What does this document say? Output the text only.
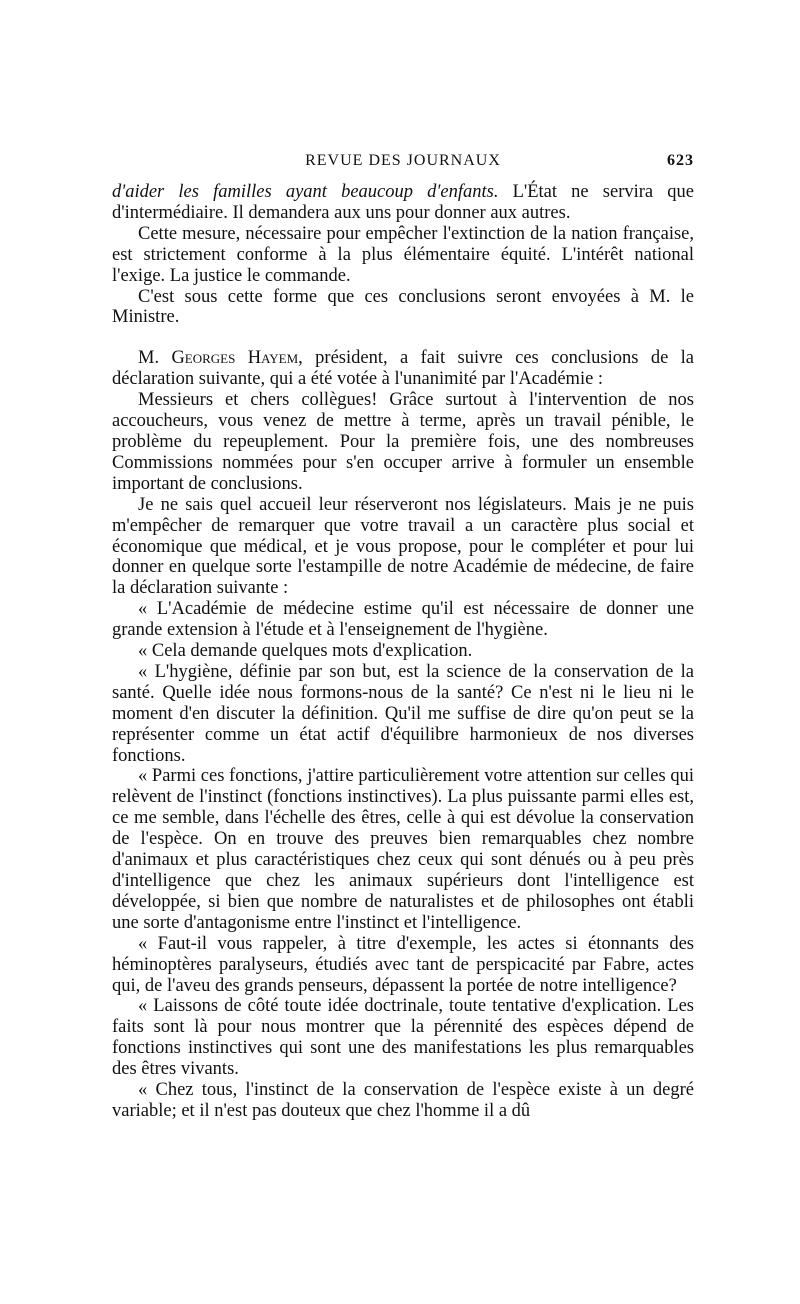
REVUE DES JOURNAUX	623

d'aider les familles ayant beaucoup d'enfants. L'État ne servira que d'intermédiaire. Il demandera aux uns pour donner aux autres.

Cette mesure, nécessaire pour empêcher l'extinction de la nation française, est strictement conforme à la plus élémentaire équité. L'intérêt national l'exige. La justice le commande.

C'est sous cette forme que ces conclusions seront envoyées à M. le Ministre.

M. Georges Hayem, président, a fait suivre ces conclusions de la déclaration suivante, qui a été votée à l'unanimité par l'Académie :

Messieurs et chers collègues! Grâce surtout à l'intervention de nos accoucheurs, vous venez de mettre à terme, après un travail pénible, le problème du repeuplement. Pour la première fois, une des nombreuses Commissions nommées pour s'en occuper arrive à formuler un ensemble important de conclusions.

Je ne sais quel accueil leur réserveront nos législateurs. Mais je ne puis m'empêcher de remarquer que votre travail a un caractère plus social et économique que médical, et je vous propose, pour le compléter et pour lui donner en quelque sorte l'estampille de notre Académie de médecine, de faire la déclaration suivante :

« L'Académie de médecine estime qu'il est nécessaire de donner une grande extension à l'étude et à l'enseignement de l'hygiène.

« Cela demande quelques mots d'explication.

« L'hygiène, définie par son but, est la science de la conservation de la santé. Quelle idée nous formons-nous de la santé? Ce n'est ni le lieu ni le moment d'en discuter la définition. Qu'il me suffise de dire qu'on peut se la représenter comme un état actif d'équilibre harmonieux de nos diverses fonctions.

« Parmi ces fonctions, j'attire particulièrement votre attention sur celles qui relèvent de l'instinct (fonctions instinctives). La plus puissante parmi elles est, ce me semble, dans l'échelle des êtres, celle à qui est dévolue la conservation de l'espèce. On en trouve des preuves bien remarquables chez nombre d'animaux et plus caractéristiques chez ceux qui sont dénués ou à peu près d'intelligence que chez les animaux supérieurs dont l'intelligence est développée, si bien que nombre de naturalistes et de philosophes ont établi une sorte d'antagonisme entre l'instinct et l'intelligence.

« Faut-il vous rappeler, à titre d'exemple, les actes si étonnants des héminoptères paralyseurs, étudiés avec tant de perspicacité par Fabre, actes qui, de l'aveu des grands penseurs, dépassent la portée de notre intelligence?

« Laissons de côté toute idée doctrinale, toute tentative d'explication. Les faits sont là pour nous montrer que la pérennité des espèces dépend de fonctions instinctives qui sont une des manifestations les plus remarquables des êtres vivants.

« Chez tous, l'instinct de la conservation de l'espèce existe à un degré variable; et il n'est pas douteux que chez l'homme il a dû
